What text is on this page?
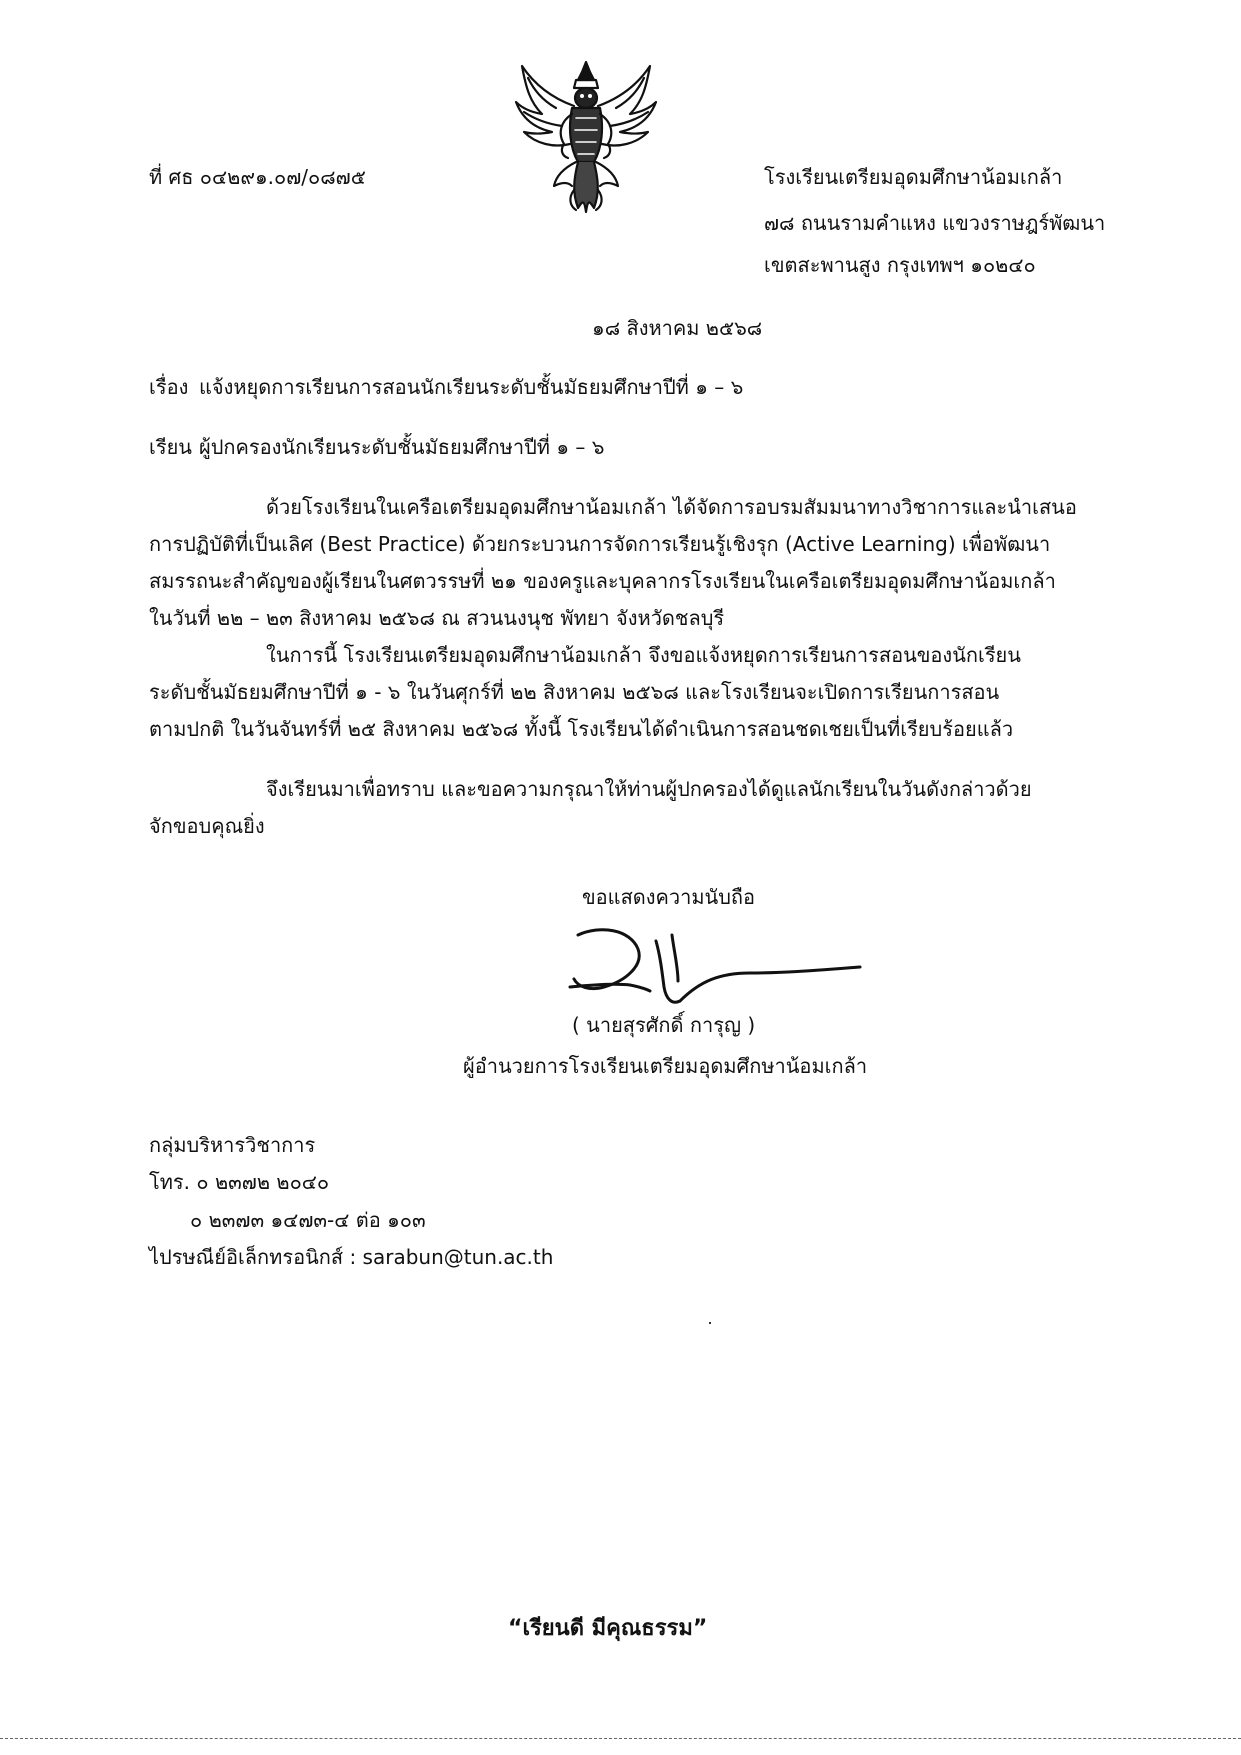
ที่ ศธ ๐๔๒๙๑.๐๗/๐๘๗๕	โรงเรียนเตรียมอุดมศึกษาน้อมเกล้า
๗๘ ถนนรามคำแหง แขวงราษฎร์พัฒนา
เขตสะพานสูง กรุงเทพฯ ๑๐๒๔๐
๑๘ สิงหาคม ๒๕๖๘
เรื่อง แจ้งหยุดการเรียนการสอนนักเรียนระดับชั้นมัธยมศึกษาปีที่ ๑ – ๖
เรียน ผู้ปกครองนักเรียนระดับชั้นมัธยมศึกษาปีที่ ๑ – ๖
ด้วยโรงเรียนในเครือเตรียมอุดมศึกษาน้อมเกล้า ได้จัดการอบรมสัมมนาทางวิชาการและนำเสนอ
การปฏิบัติที่เป็นเลิศ (Best Practice) ด้วยกระบวนการจัดการเรียนรู้เชิงรุก (Active Learning) เพื่อพัฒนา
สมรรถนะสำคัญของผู้เรียนในศตวรรษที่ ๒๑ ของครูและบุคลากรโรงเรียนในเครือเตรียมอุดมศึกษาน้อมเกล้า
ในวันที่ ๒๒ – ๒๓ สิงหาคม ๒๕๖๘ ณ สวนนงนุช พัทยา จังหวัดชลบุรี
ในการนี้ โรงเรียนเตรียมอุดมศึกษาน้อมเกล้า จึงขอแจ้งหยุดการเรียนการสอนของนักเรียน
ระดับชั้นมัธยมศึกษาปีที่ ๑ - ๖ ในวันศุกร์ที่ ๒๒ สิงหาคม ๒๕๖๘ และโรงเรียนจะเปิดการเรียนการสอน
ตามปกติ ในวันจันทร์ที่ ๒๕ สิงหาคม ๒๕๖๘ ทั้งนี้ โรงเรียนได้ดำเนินการสอนชดเชยเป็นที่เรียบร้อยแล้ว
จึงเรียนมาเพื่อทราบ และขอความกรุณาให้ท่านผู้ปกครองได้ดูแลนักเรียนในวันดังกล่าวด้วย
จักขอบคุณยิ่ง
ขอแสดงความนับถือ
( นายสุรศักดิ์ การุญ )
ผู้อำนวยการโรงเรียนเตรียมอุดมศึกษาน้อมเกล้า
กลุ่มบริหารวิชาการ
โทร. ๐ ๒๓๗๒ ๒๐๔๐
๐ ๒๓๗๓ ๑๔๗๓-๔ ต่อ ๑๐๓
ไปรษณีย์อิเล็กทรอนิกส์ : sarabun@tun.ac.th
“เรียนดี มีคุณธรรม”
